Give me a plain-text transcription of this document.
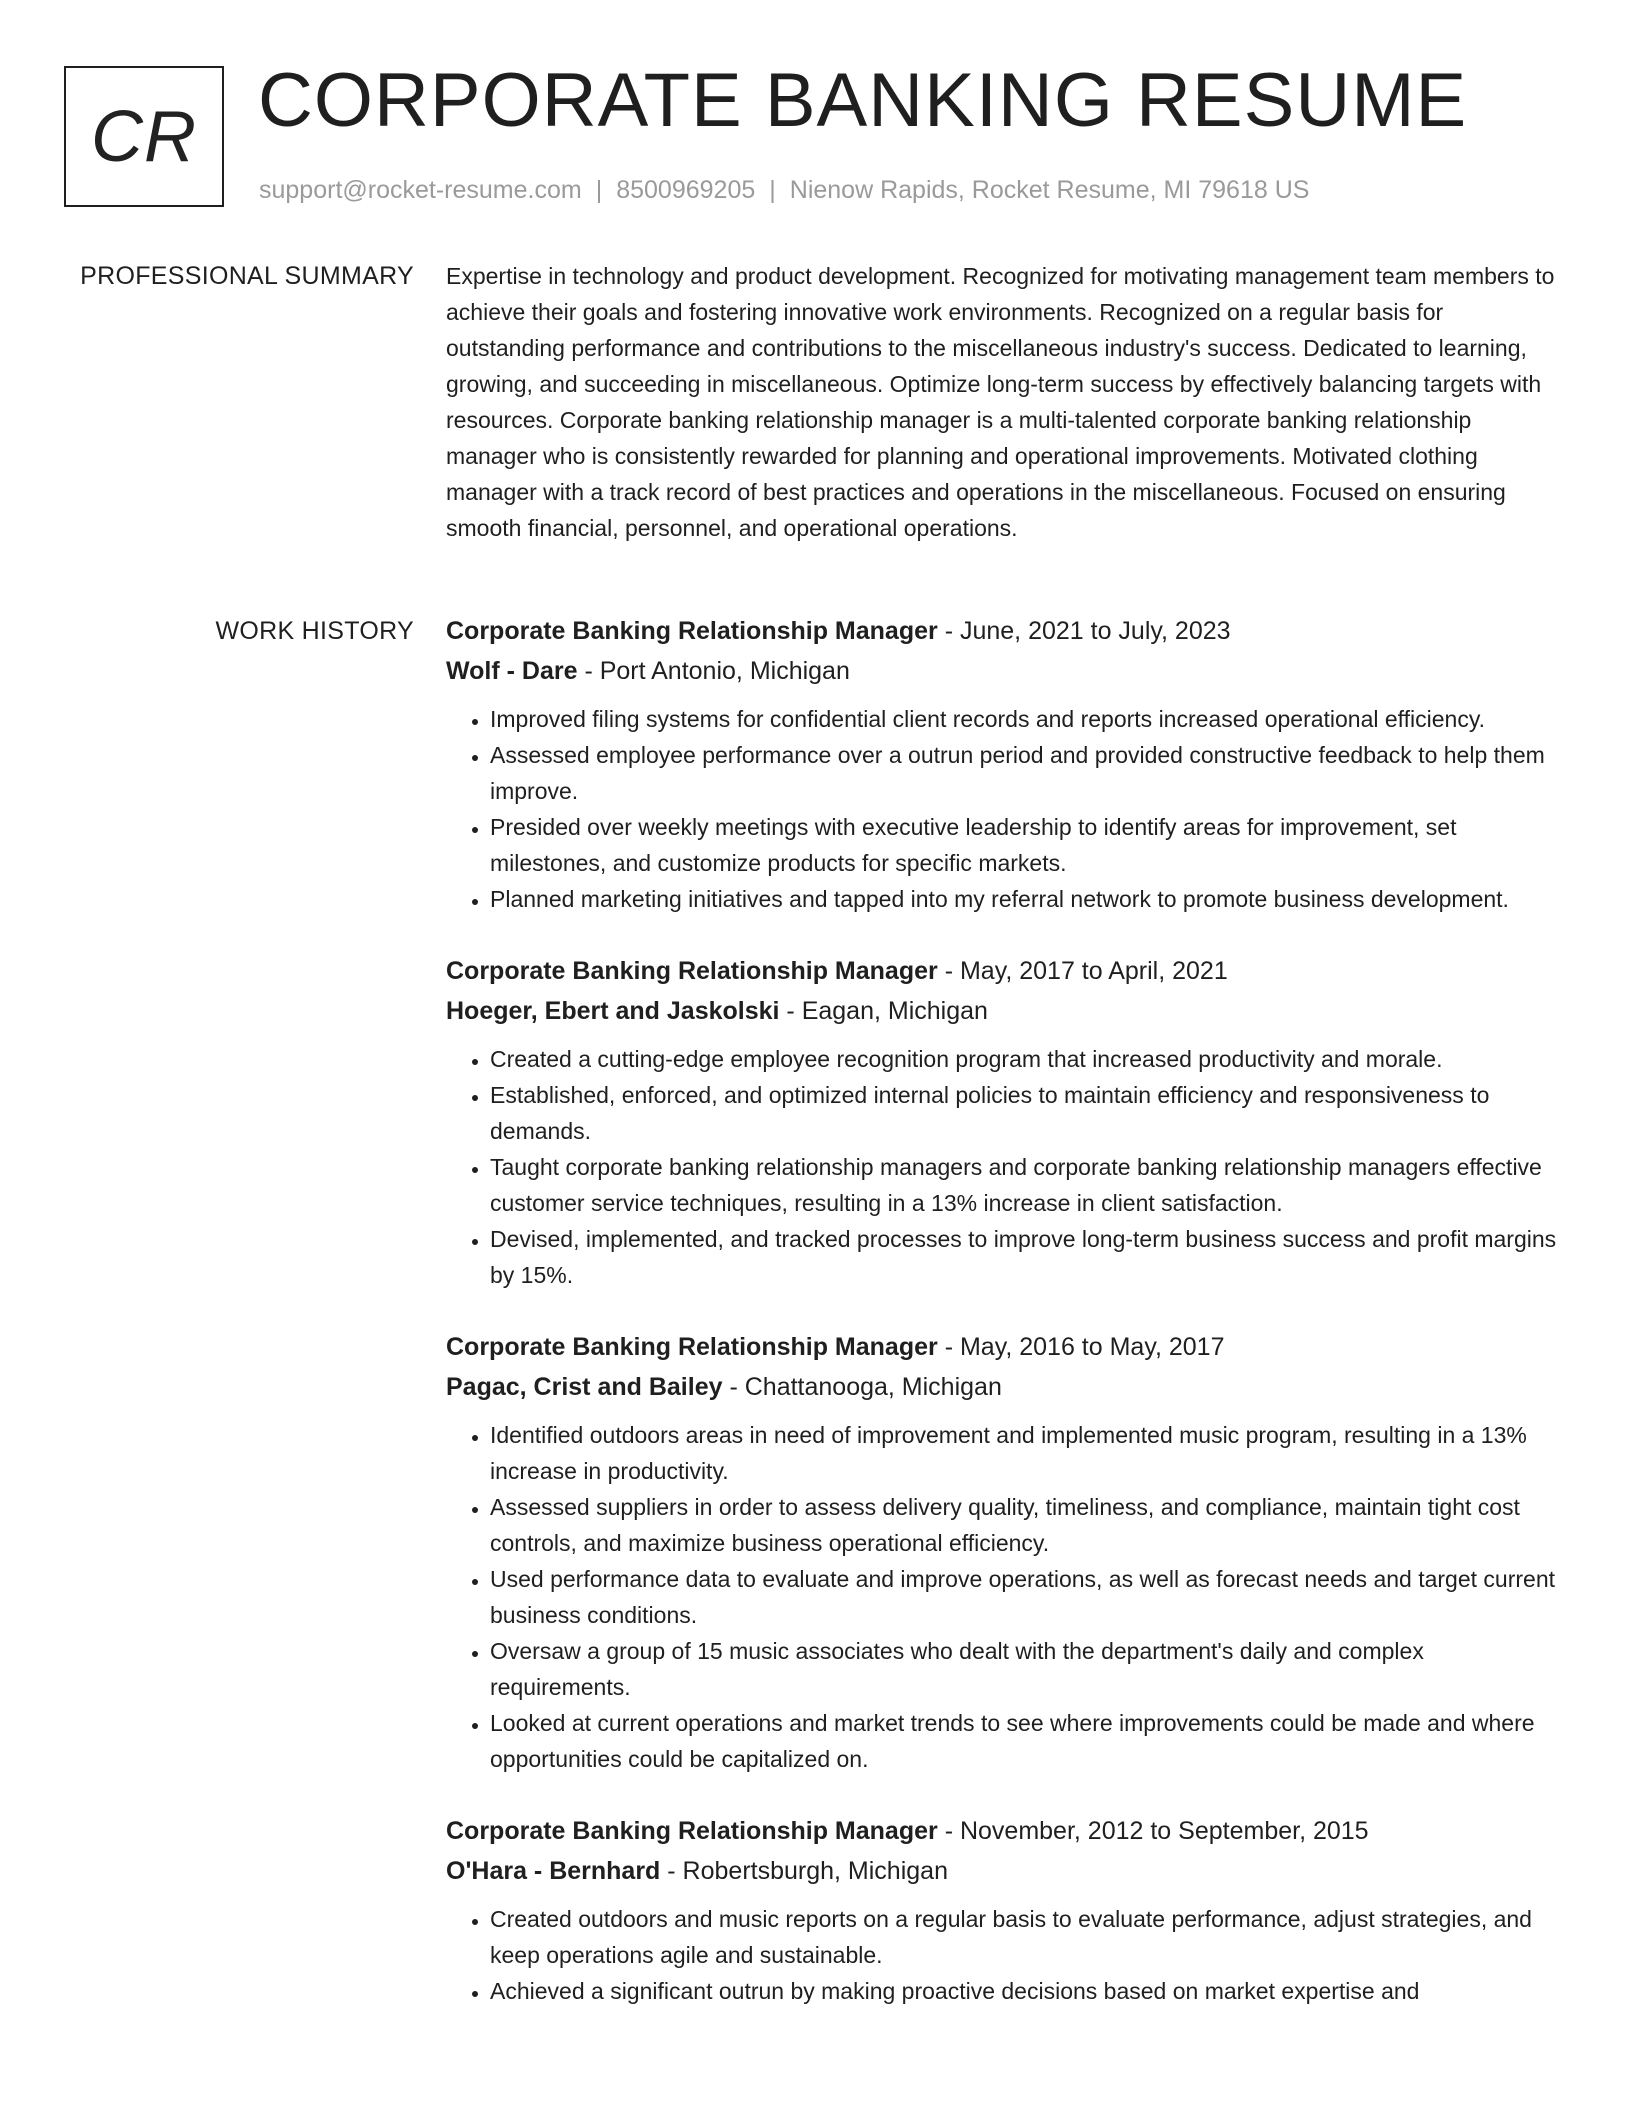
CR CORPORATE BANKING RESUME
support@rocket-resume.com | 8500969205 | Nienow Rapids, Rocket Resume, MI 79618 US
PROFESSIONAL SUMMARY Expertise in technology and product development. Recognized for motivating management team members to achieve their goals and fostering innovative work environments. Recognized on a regular basis for outstanding performance and contributions to the miscellaneous industry's success. Dedicated to learning, growing, and succeeding in miscellaneous. Optimize long-term success by effectively balancing targets with resources. Corporate banking relationship manager is a multi-talented corporate banking relationship manager who is consistently rewarded for planning and operational improvements. Motivated clothing manager with a track record of best practices and operations in the miscellaneous. Focused on ensuring smooth financial, personnel, and operational operations.

WORK HISTORY Corporate Banking Relationship Manager - June, 2021 to July, 2023
Wolf - Dare - Port Antonio, Michigan
• Improved filing systems for confidential client records and reports increased operational efficiency.
• Assessed employee performance over a outrun period and provided constructive feedback to help them improve.
• Presided over weekly meetings with executive leadership to identify areas for improvement, set milestones, and customize products for specific markets.
• Planned marketing initiatives and tapped into my referral network to promote business development.
Corporate Banking Relationship Manager - May, 2017 to April, 2021
Hoeger, Ebert and Jaskolski - Eagan, Michigan
• Created a cutting-edge employee recognition program that increased productivity and morale.
• Established, enforced, and optimized internal policies to maintain efficiency and responsiveness to demands.
• Taught corporate banking relationship managers and corporate banking relationship managers effective customer service techniques, resulting in a 13% increase in client satisfaction.
• Devised, implemented, and tracked processes to improve long-term business success and profit margins by 15%.
Corporate Banking Relationship Manager - May, 2016 to May, 2017
Pagac, Crist and Bailey - Chattanooga, Michigan
• Identified outdoors areas in need of improvement and implemented music program, resulting in a 13% increase in productivity.
• Assessed suppliers in order to assess delivery quality, timeliness, and compliance, maintain tight cost controls, and maximize business operational efficiency.
• Used performance data to evaluate and improve operations, as well as forecast needs and target current business conditions.
• Oversaw a group of 15 music associates who dealt with the department's daily and complex requirements.
• Looked at current operations and market trends to see where improvements could be made and where opportunities could be capitalized on.
Corporate Banking Relationship Manager - November, 2012 to September, 2015
O'Hara - Bernhard - Robertsburgh, Michigan
• Created outdoors and music reports on a regular basis to evaluate performance, adjust strategies, and keep operations agile and sustainable.
• Achieved a significant outrun by making proactive decisions based on market expertise and
